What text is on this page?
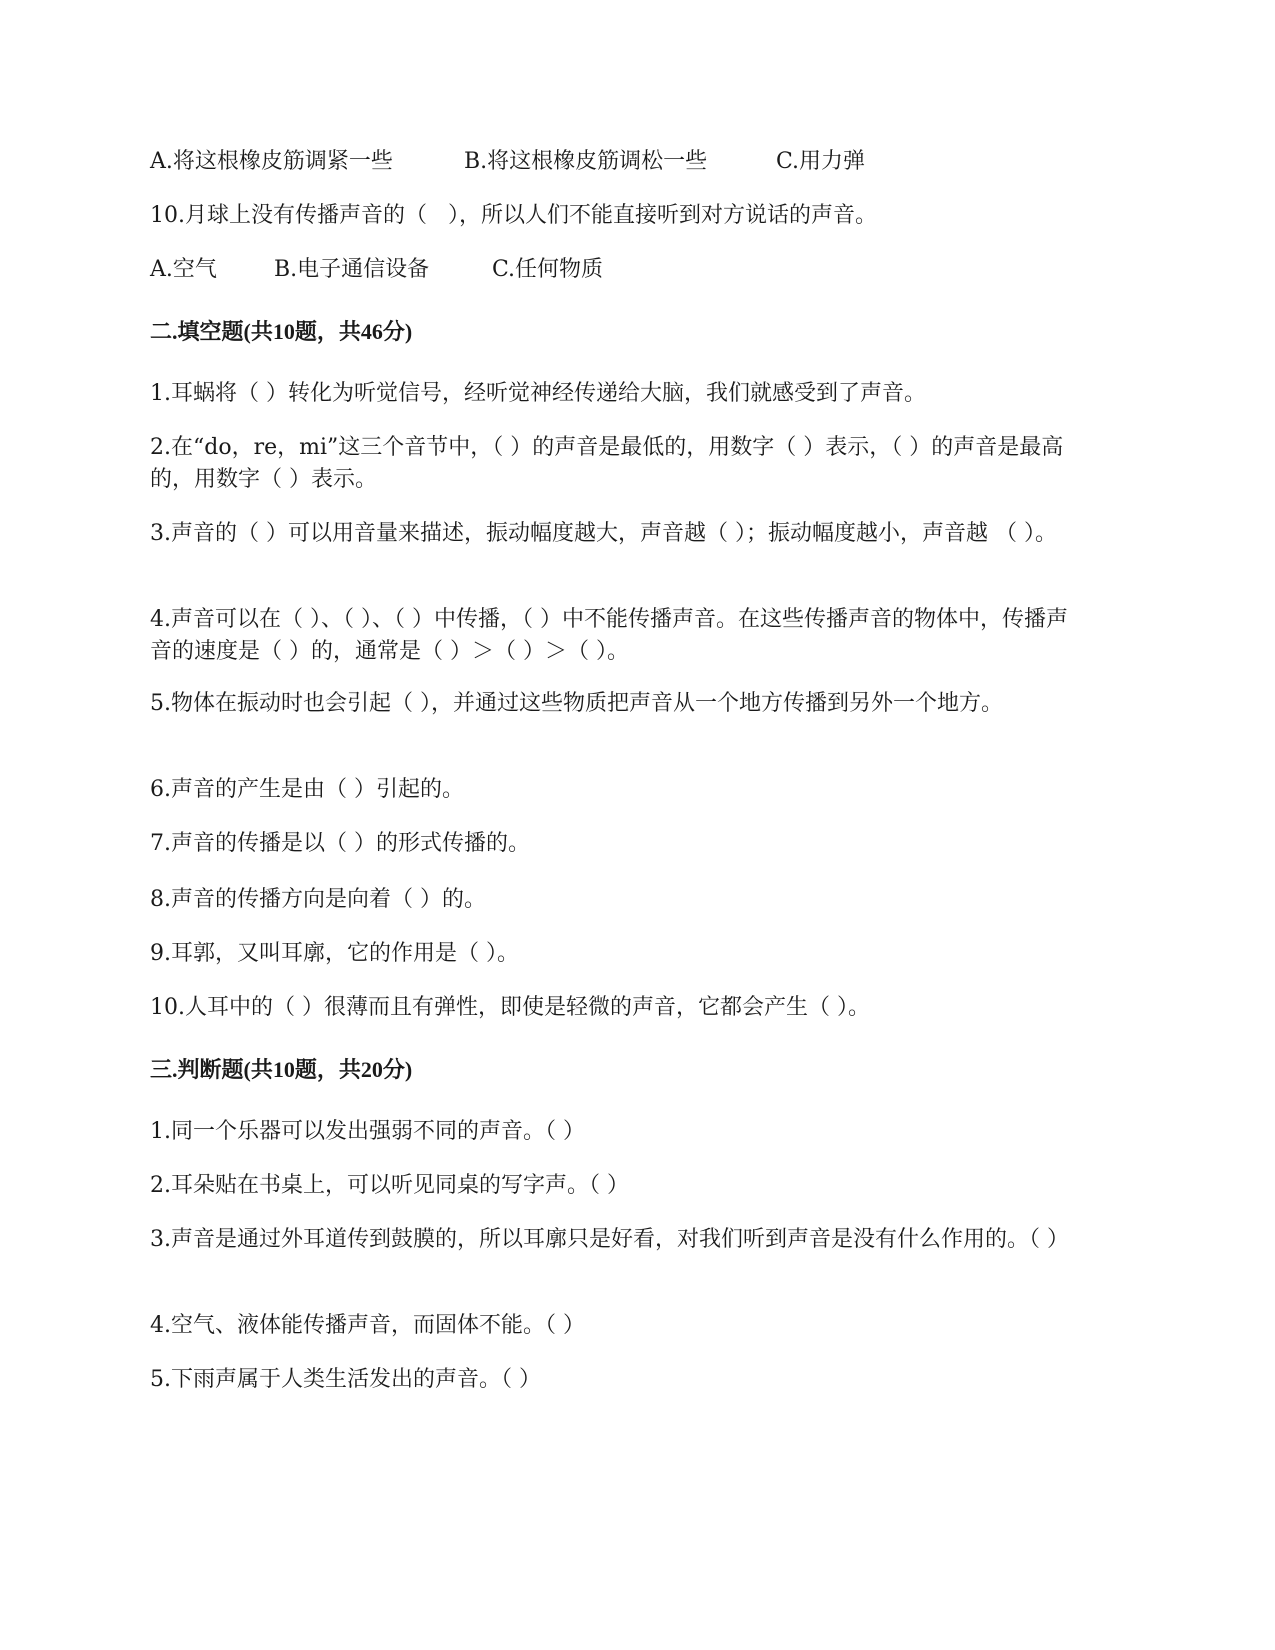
A.将这根橡皮筋调紧一些	B.将这根橡皮筋调松一些	C.用力弹

10.月球上没有传播声音的（   ），所以人们不能直接听到对方说话的声音。

A.空气	B.电子通信设备	C.任何物质

二.填空题(共10题，共46分)

1.耳蜗将（ ）转化为听觉信号，经听觉神经传递给大脑，我们就感受到了声音。

2.在“do，re，mi”这三个音节中，（ ）的声音是最低的，用数字（ ）表示，（ ）的声音是最高的，用数字（ ）表示。

3.声音的（ ）可以用音量来描述，振动幅度越大，声音越（ ）；振动幅度越小，声音越 （ ）。

4.声音可以在（ ）、（ ）、（ ）中传播，（ ）中不能传播声音。在这些传播声音的物体中，传播声音的速度是（ ）的，通常是（ ）＞（ ）＞（ ）。

5.物体在振动时也会引起（ ），并通过这些物质把声音从一个地方传播到另外一个地方。

6.声音的产生是由（ ）引起的。

7.声音的传播是以（ ）的形式传播的。

8.声音的传播方向是向着（ ）的。

9.耳郭，又叫耳廓，它的作用是（ ）。

10.人耳中的（ ）很薄而且有弹性，即使是轻微的声音，它都会产生（ ）。

三.判断题(共10题，共20分)

1.同一个乐器可以发出强弱不同的声音。（ ）

2.耳朵贴在书桌上，可以听见同桌的写字声。（ ）

3.声音是通过外耳道传到鼓膜的，所以耳廓只是好看，对我们听到声音是没有什么作用的。（ ）

4.空气、液体能传播声音，而固体不能。（ ）

5.下雨声属于人类生活发出的声音。（ ）
